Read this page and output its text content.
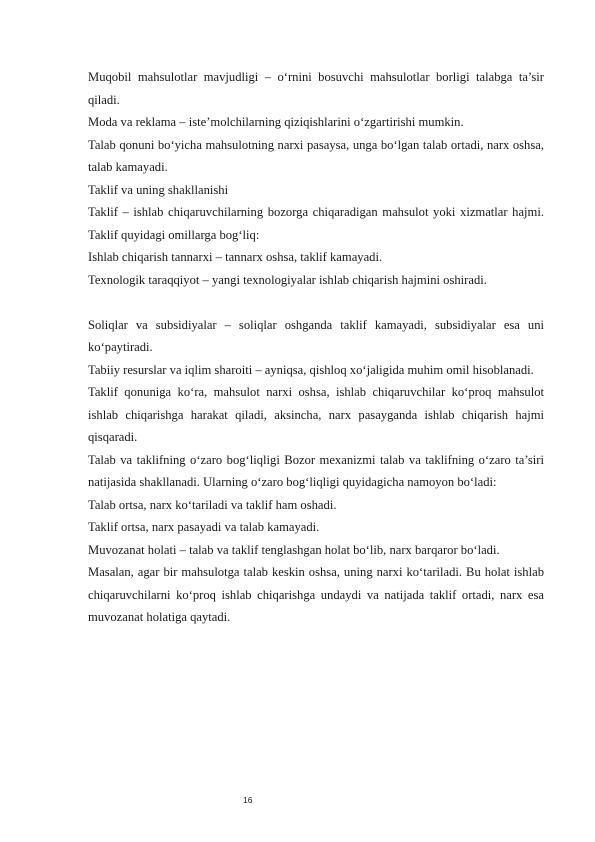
Muqobil mahsulotlar mavjudligi – o‘rnini bosuvchi mahsulotlar borligi talabga ta’sir qiladi.

Moda va reklama – iste’molchilarning qiziqishlarini o‘zgartirishi mumkin.

Talab qonuni bo‘yicha mahsulotning narxi pasaysa, unga bo‘lgan talab ortadi, narx oshsa, talab kamayadi.

Taklif va uning shakllanishi

Taklif – ishlab chiqaruvchilarning bozorga chiqaradigan mahsulot yoki xizmatlar hajmi. Taklif quyidagi omillarga bog‘liq:

Ishlab chiqarish tannarxi – tannarx oshsa, taklif kamayadi.

Texnologik taraqqiyot – yangi texnologiyalar ishlab chiqarish hajmini oshiradi.

Soliqlar va subsidiyalar – soliqlar oshganda taklif kamayadi, subsidiyalar esa uni ko‘paytiradi.

Tabiiy resurslar va iqlim sharoiti – ayniqsa, qishloq xo‘jaligida muhim omil hisoblanadi.

Taklif qonuniga ko‘ra, mahsulot narxi oshsa, ishlab chiqaruvchilar ko‘proq mahsulot ishlab chiqarishga harakat qiladi, aksincha, narx pasayganda ishlab chiqarish hajmi qisqaradi.

Talab va taklifning o‘zaro bog‘liqligi Bozor mexanizmi talab va taklifning o‘zaro ta’siri natijasida shakllanadi. Ularning o‘zaro bog‘liqligi quyidagicha namoyon bo‘ladi:

Talab ortsa, narx ko‘tariladi va taklif ham oshadi.

Taklif ortsa, narx pasayadi va talab kamayadi.

Muvozanat holati – talab va taklif tenglashgan holat bo‘lib, narx barqaror bo‘ladi.

Masalan, agar bir mahsulotga talab keskin oshsa, uning narxi ko‘tariladi. Bu holat ishlab chiqaruvchilarni ko‘proq ishlab chiqarishga undaydi va natijada taklif ortadi, narx esa muvozanat holatiga qaytadi.

16
